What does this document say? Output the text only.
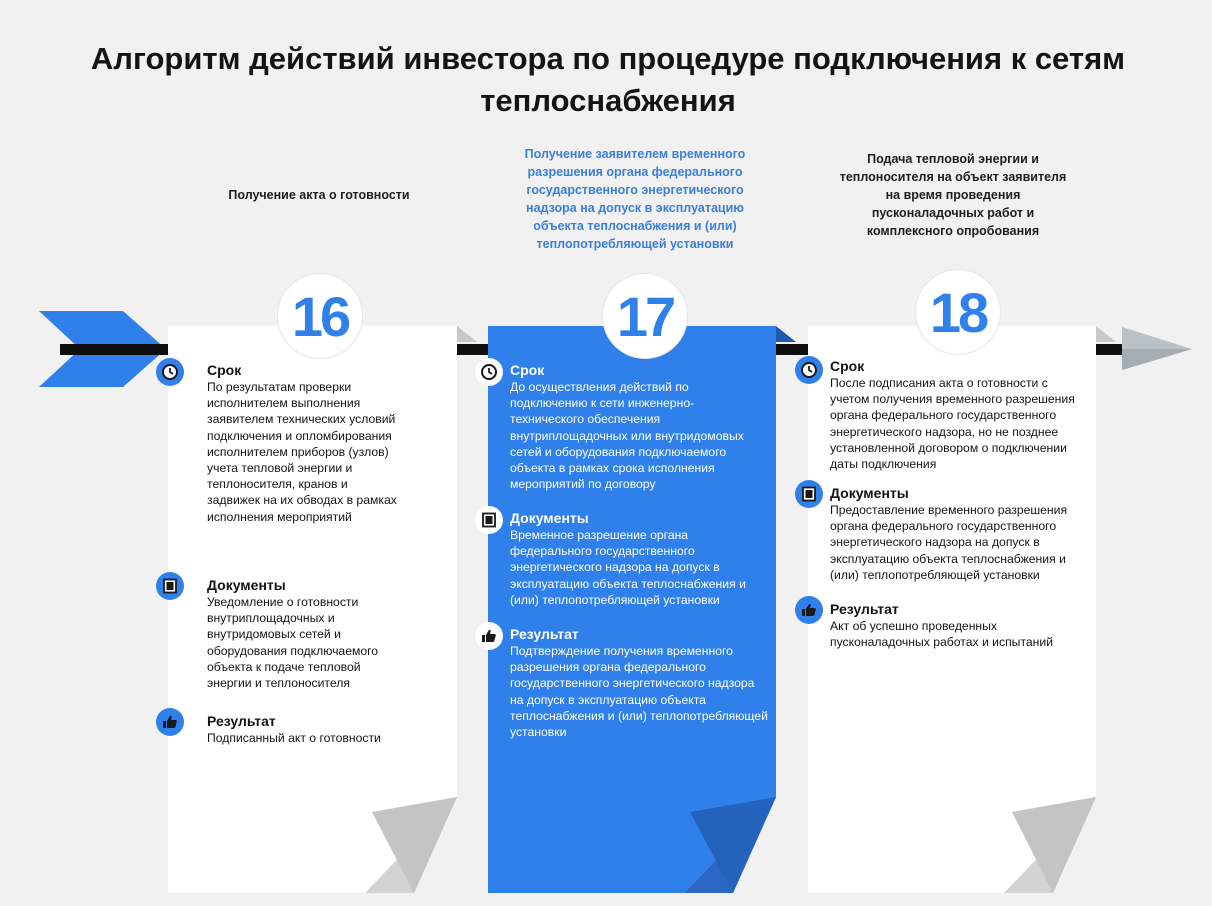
Алгоритм действий инвестора по процедуре подключения к сетям теплоснабжения
Получение акта о готовности
Получение заявителем временного разрешения органа федерального государственного энергетического надзора на допуск в эксплуатацию объекта теплоснабжения и (или) теплопотребляющей установки
Подача тепловой энергии и теплоносителя на объект заявителя на время проведения пусконаладочных работ и комплексного опробования
16	17	18
Срок
По результатам проверки исполнителем выполнения заявителем технических условий подключения и опломбирования исполнителем приборов (узлов) учета тепловой энергии и теплоносителя, кранов и задвижек на их обводах в рамках исполнения мероприятий
Документы
Уведомление о готовности внутриплощадочных и внутридомовых сетей и оборудования подключаемого объекта к подаче тепловой энергии и теплоносителя
Результат
Подписанный акт о готовности
Срок
До осуществления действий по подключению к сети инженерно-технического обеспечения внутриплощадочных или внутридомовых сетей и оборудования подключаемого объекта в рамках срока исполнения мероприятий по договору
Документы
Временное разрешение органа федерального государственного энергетического надзора на допуск в эксплуатацию объекта теплоснабжения и (или) теплопотребляющей установки
Результат
Подтверждение получения временного разрешения органа федерального государственного энергетического надзора на допуск в эксплуатацию объекта теплоснабжения и (или) теплопотребляющей установки
Срок
После подписания акта о готовности с учетом получения временного разрешения органа федерального государственного энергетического надзора, но не позднее установленной договором о подключении даты подключения
Документы
Предоставление временного разрешения органа федерального государственного энергетического надзора на допуск в эксплуатацию объекта теплоснабжения и (или) теплопотребляющей установки
Результат
Акт об успешно проведенных пусконаладочных работах и испытаний
